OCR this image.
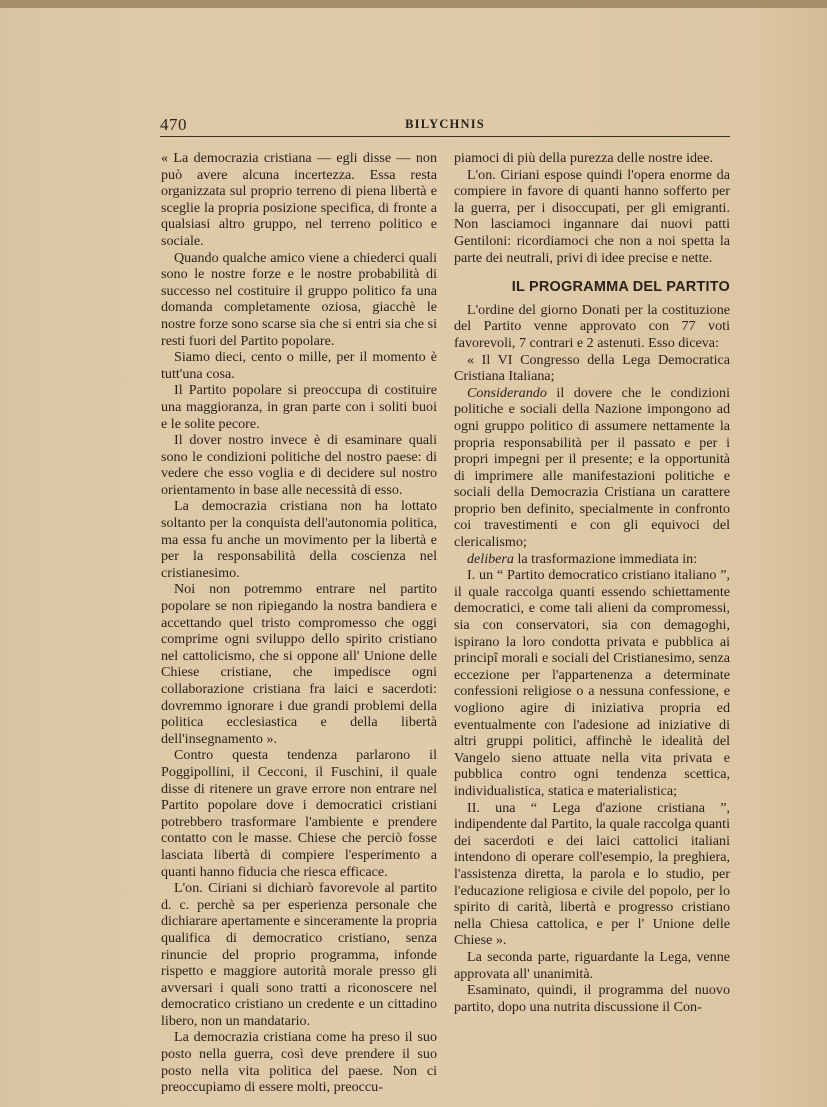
470	BILYCHNIS

« La democrazia cristiana — egli disse — non può avere alcuna incertezza. Essa resta organizzata sul proprio terreno di piena libertà e sceglie la propria posizione specifica, di fronte a qualsiasi altro gruppo, nel terreno politico e sociale.

Quando qualche amico viene a chiederci quali sono le nostre forze e le nostre probabilità di successo nel costituire il gruppo politico fa una domanda completamente oziosa, giacchè le nostre forze sono scarse sia che si entri sia che si resti fuori del Partito popolare.

Siamo dieci, cento o mille, per il momento è tutt'una cosa.

Il Partito popolare si preoccupa di costituire una maggioranza, in gran parte con i soliti buoi e le solite pecore.

Il dover nostro invece è di esaminare quali sono le condizioni politiche del nostro paese: di vedere che esso voglia e di decidere sul nostro orientamento in base alle necessità di esso.

La democrazia cristiana non ha lottato soltanto per la conquista dell'autonomia politica, ma essa fu anche un movimento per la libertà e per la responsabilità della coscienza nel cristianesimo.

Noi non potremmo entrare nel partito popolare se non ripiegando la nostra bandiera e accettando quel tristo compromesso che oggi comprime ogni sviluppo dello spirito cristiano nel cattolicismo, che si oppone all' Unione delle Chiese cristiane, che impedisce ogni collaborazione cristiana fra laici e sacerdoti: dovremmo ignorare i due grandi problemi della politica ecclesiastica e della libertà dell'insegnamento ».

Contro questa tendenza parlarono il Poggipollini, il Cecconi, il Fuschini, il quale disse di ritenere un grave errore non entrare nel Partito popolare dove i democratici cristiani potrebbero trasformare l'ambiente e prendere contatto con le masse. Chiese che perciò fosse lasciata libertà di compiere l'esperimento a quanti hanno fiducia che riesca efficace.

L'on. Ciriani si dichiarò favorevole al partito d. c. perchè sa per esperienza personale che dichiarare apertamente e sinceramente la propria qualifica di democratico cristiano, senza rinuncie del proprio programma, infonde rispetto e maggiore autorità morale presso gli avversari i quali sono tratti a riconoscere nel democratico cristiano un credente e un cittadino libero, non un mandatario.

La democrazia cristiana come ha preso il suo posto nella guerra, così deve prendere il suo posto nella vita politica del paese. Non ci preoccupiamo di essere molti, preoccu-

piamoci di più della purezza delle nostre idee.

L'on. Ciriani espose quindi l'opera enorme da compiere in favore di quanti hanno sofferto per la guerra, per i disoccupati, per gli emigranti. Non lasciamoci ingannare dai nuovi patti Gentiloni: ricordiamoci che non a noi spetta la parte dei neutrali, privi di idee precise e nette.

IL PROGRAMMA DEL PARTITO

L'ordine del giorno Donati per la costituzione del Partito venne approvato con 77 voti favorevoli, 7 contrari e 2 astenuti. Esso diceva:

« Il VI Congresso della Lega Democratica Cristiana Italiana;

Considerando il dovere che le condizioni politiche e sociali della Nazione impongono ad ogni gruppo politico di assumere nettamente la propria responsabilità per il passato e per i propri impegni per il presente; e la opportunità di imprimere alle manifestazioni politiche e sociali della Democrazia Cristiana un carattere proprio ben definito, specialmente in confronto coi travestimenti e con gli equivoci del clericalismo;

delibera la trasformazione immediata in:

I. un “ Partito democratico cristiano italiano ”, il quale raccolga quanti essendo schiettamente democratici, e come tali alieni da compromessi, sia con conservatori, sia con demagoghi, ispirano la loro condotta privata e pubblica ai principî morali e sociali del Cristianesimo, senza eccezione per l'appartenenza a determinate confessioni religiose o a nessuna confessione, e vogliono agire di iniziativa propria ed eventualmente con l'adesione ad iniziative di altri gruppi politici, affinchè le idealità del Vangelo sieno attuate nella vita privata e pubblica contro ogni tendenza scettica, individualistica, statica e materialistica;

II. una “ Lega d'azione cristiana ”, indipendente dal Partito, la quale raccolga quanti dei sacerdoti e dei laici cattolici italiani intendono di operare coll'esempio, la preghiera, l'assistenza diretta, la parola e lo studio, per l'educazione religiosa e civile del popolo, per lo spirito di carità, libertà e progresso cristiano nella Chiesa cattolica, e per l' Unione delle Chiese ».

La seconda parte, riguardante la Lega, venne approvata all' unanimità.

Esaminato, quindi, il programma del nuovo partito, dopo una nutrita discussione il Con-
